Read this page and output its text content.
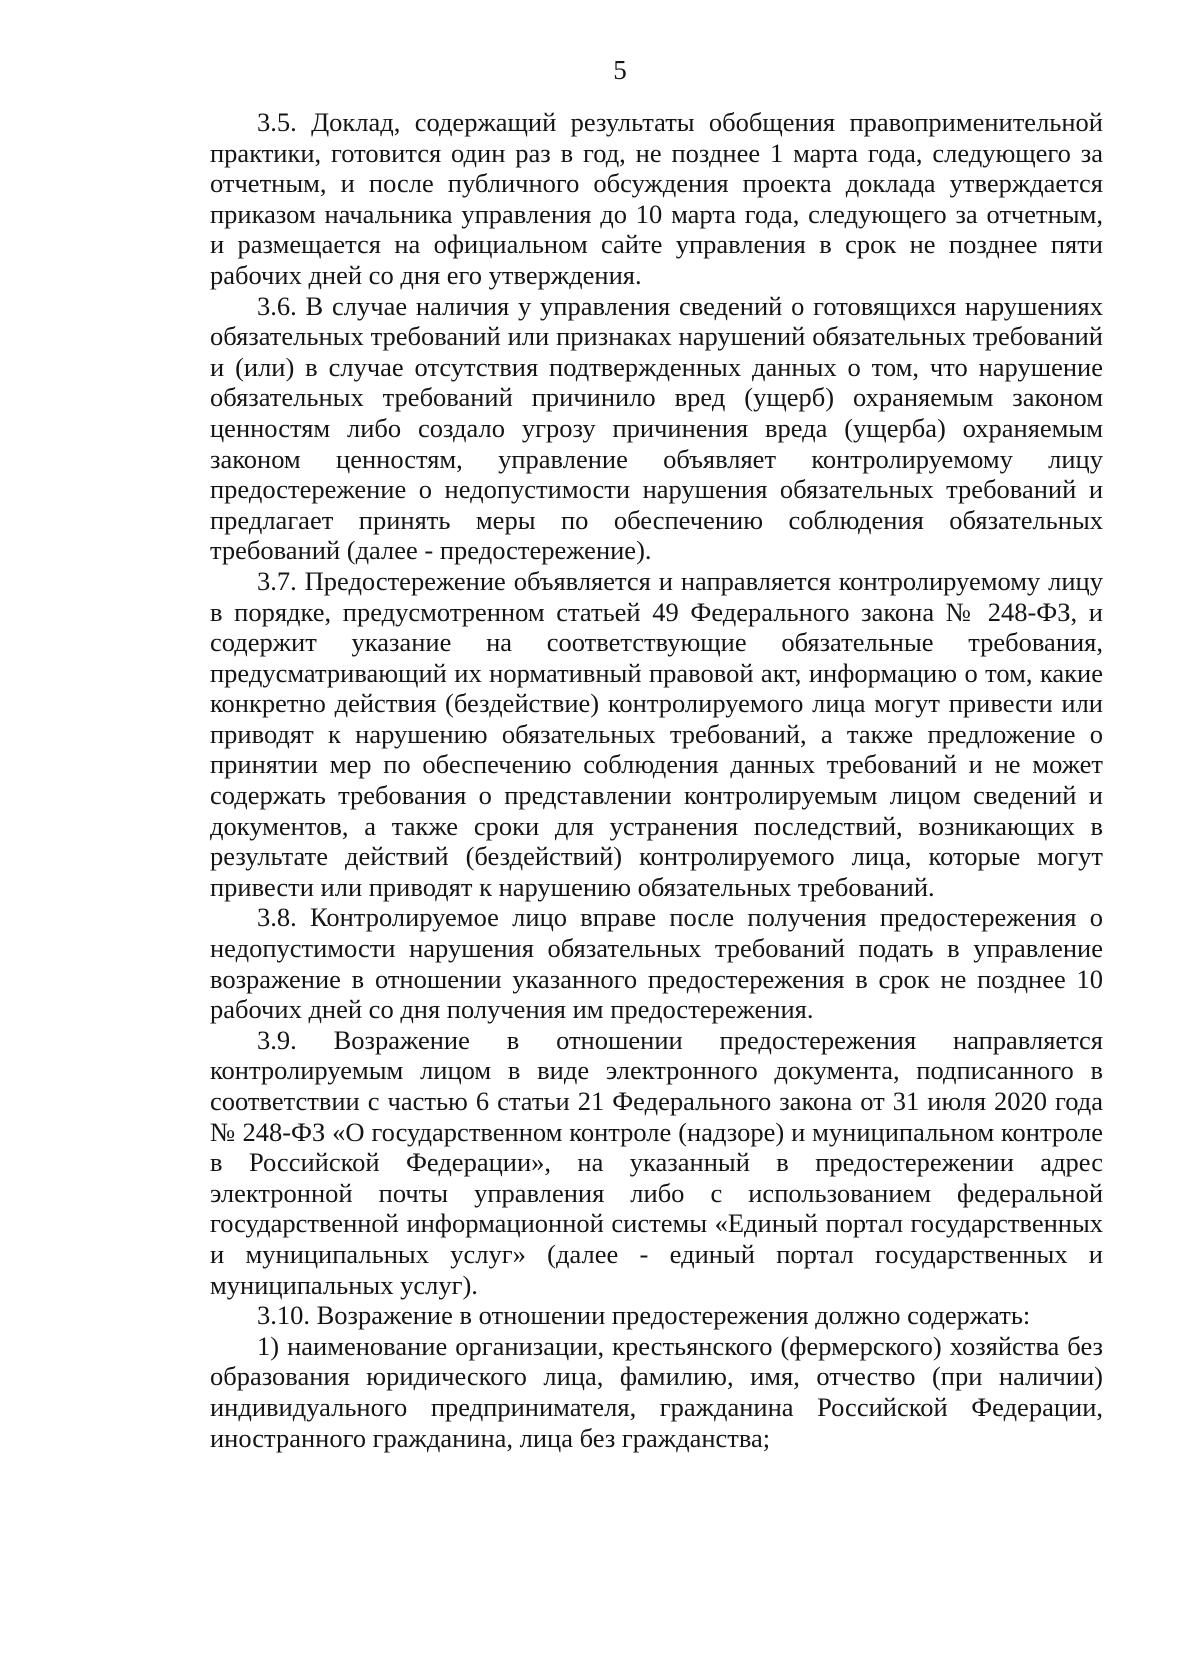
5

3.5. Доклад, содержащий результаты обобщения правоприменительной практики, готовится один раз в год, не позднее 1 марта года, следующего за отчетным, и после публичного обсуждения проекта доклада утверждается приказом начальника управления до 10 марта года, следующего за отчетным, и размещается на официальном сайте управления в срок не позднее пяти рабочих дней со дня его утверждения.

3.6. В случае наличия у управления сведений о готовящихся нарушениях обязательных требований или признаках нарушений обязательных требований и (или) в случае отсутствия подтвержденных данных о том, что нарушение обязательных требований причинило вред (ущерб) охраняемым законом ценностям либо создало угрозу причинения вреда (ущерба) охраняемым законом ценностям, управление объявляет контролируемому лицу предостережение о недопустимости нарушения обязательных требований и предлагает принять меры по обеспечению соблюдения обязательных требований (далее - предостережение).

3.7. Предостережение объявляется и направляется контролируемому лицу в порядке, предусмотренном статьей 49 Федерального закона № 248-ФЗ, и содержит указание на соответствующие обязательные требования, предусматривающий их нормативный правовой акт, информацию о том, какие конкретно действия (бездействие) контролируемого лица могут привести или приводят к нарушению обязательных требований, а также предложение о принятии мер по обеспечению соблюдения данных требований и не может содержать требования о представлении контролируемым лицом сведений и документов, а также сроки для устранения последствий, возникающих в результате действий (бездействий) контролируемого лица, которые могут привести или приводят к нарушению обязательных требований.

3.8. Контролируемое лицо вправе после получения предостережения о недопустимости нарушения обязательных требований подать в управление возражение в отношении указанного предостережения в срок не позднее 10 рабочих дней со дня получения им предостережения.

3.9. Возражение в отношении предостережения направляется контролируемым лицом в виде электронного документа, подписанного в соответствии с частью 6 статьи 21 Федерального закона от 31 июля 2020 года № 248-ФЗ «О государственном контроле (надзоре) и муниципальном контроле в Российской Федерации», на указанный в предостережении адрес электронной почты управления либо с использованием федеральной государственной информационной системы «Единый портал государственных и муниципальных услуг» (далее - единый портал государственных и муниципальных услуг).

3.10. Возражение в отношении предостережения должно содержать:

1) наименование организации, крестьянского (фермерского) хозяйства без образования юридического лица, фамилию, имя, отчество (при наличии) индивидуального предпринимателя, гражданина Российской Федерации, иностранного гражданина, лица без гражданства;
